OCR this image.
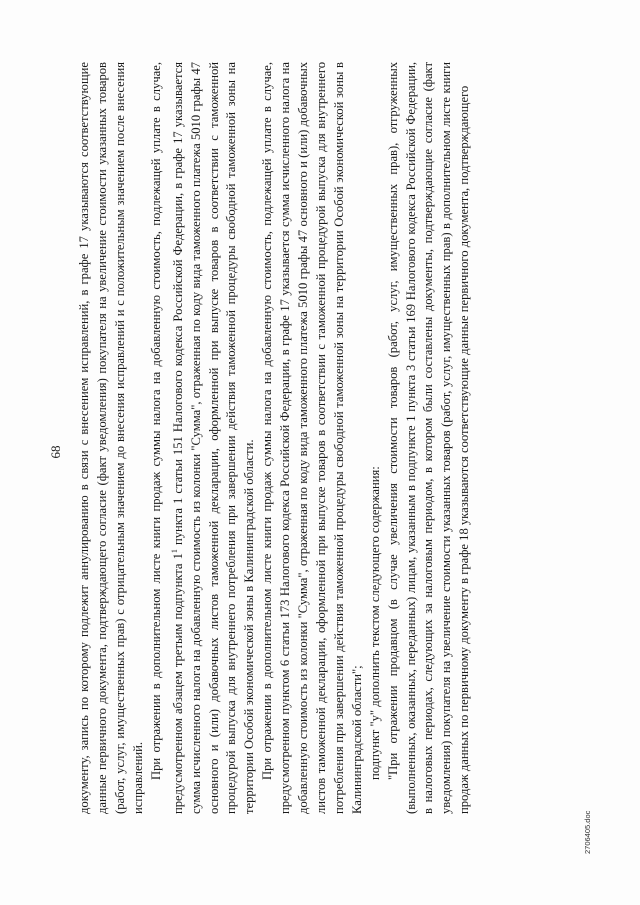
68 документу, запись по которому подлежит аннулированию в связи с внесением исправлений, в графе 17 указываются соответствующие данные первичного документа, подтверждающего согласие (факт уведомления) покупателя на увеличение стоимости указанных товаров (работ, услуг, имущественных прав) с отрицательным значением до внесения исправлений и с положительным значением после внесения исправлений. При отражении в дополнительном листе книги продаж суммы налога на добавленную стоимость, подлежащей уплате в случае, предусмотренном абзацем третьим подпункта $1^1$ пункта 1 статьи 151 Налогового кодекса Российской Федерации, в графе 17 указывается сумма исчисленного налога на добавленную стоимость из колонки "Сумма", отраженная по коду вида таможенного платежа 5010 графы 47 основного и (или) добавочных листов таможенной декларации, оформленной при выпуске товаров в соответствии с таможенной процедурой выпуска для внутреннего потребления при завершении действия таможенной процедуры свободной таможенной зоны на территории Особой экономической зоны в Калининградской области. При отражении в дополнительном листе книги продаж суммы налога на добавленную стоимость, подлежащей уплате в случае, предусмотренном пунктом 6 статьи 173 Налогового кодекса Российской Федерации, в графе 17 указывается сумма исчисленного налога на добавленную стоимость из колонки "Сумма", отраженная по коду вида таможенного платежа 5010 графы 47 основного и (или) добавочных листов таможенной декларации, оформленной при выпуске товаров в соответствии с таможенной процедурой выпуска для внутреннего потребления при завершении действия таможенной процедуры свободной таможенной зоны на территории Особой экономической зоны в Калининградской области"; подпункт "у" дополнить текстом следующего содержания: "При отражении продавцом (в случае увеличения стоимости товаров (работ, услуг, имущественных прав), отгруженных (выполненных, оказанных, переданных) лицам, указанным в подпункте 1 пункта 3 статьи 169 Налогового кодекса Российской Федерации, в налоговых периодах, следующих за налоговым периодом, в котором были составлены документы, подтверждающие согласие (факт уведомления) покупателя на увеличение стоимости указанных товаров (работ, услуг, имущественных прав) в дополнительном листе книги продаж данных по первичному документу в графе 18 указываются соответствующие данные первичного документа, подтверждающего

2706405.doc
